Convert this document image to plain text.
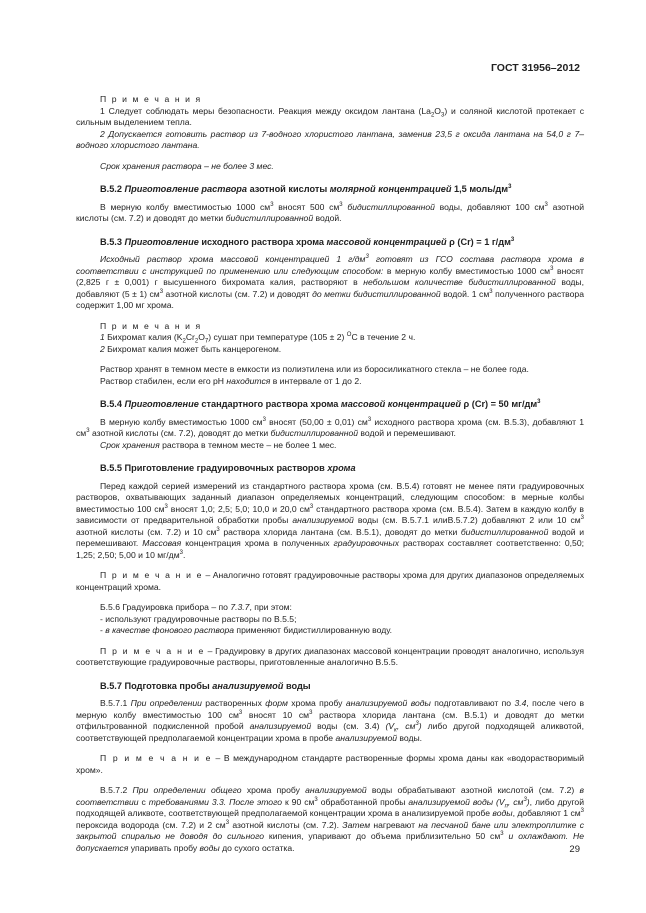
ГОСТ 31956–2012

П р и м е ч а н и я

1 Следует соблюдать меры безопасности. Реакция между оксидом лантана $(La_2O_3)$ и соляной кислотой протекает с сильным выделением тепла.

2 Допускается готовить раствор из 7-водного хлористого лантана, заменив 23,5 г оксида лантана на 54,0 г 7–водного хлористого лантана.

Срок хранения раствора – не более 3 мес.

В.5.2 Приготовление раствора азотной кислоты молярной концентрацией 1,5 моль/$дм^3$

В мерную колбу вместимостью 1000 $см^3$ вносят 500 $см^3$ бидистиллированной воды, добавляют 100 $см^3$ азотной кислоты (см. 7.2) и доводят до метки бидистиллированной водой.

В.5.3 Приготовление исходного раствора хрома массовой концентрацией ρ (Cr) = 1 $г/дм^3$

Исходный раствор хрома массовой концентрацией 1 $г/дм^3$ готовят из ГСО состава раствора хрома в соответствии с инструкцией по применению или следующим способом: в мерную колбу вместимостью 1000 $см^3$ вносят (2,825 г ± 0,001) г высушенного бихромата калия, растворяют в небольшом количестве бидистиллированной воды, добавляют (5 ± 1) $см^3$ азотной кислоты (см. 7.2) и доводят до метки бидистиллированной водой. 1 $см^3$ полученного раствора содержит 1,00 мг хрома.

П р и м е ч а н и я

1 Бихромат калия $(K_2Cr_2O_7)$ сушат при температуре (105 ± 2) $^О$С в течение 2 ч.

2 Бихромат калия может быть канцерогеном.

Раствор хранят в темном месте в емкости из полиэтилена или из боросиликатного стекла – не более года.

Раствор стабилен, если его рН находится в интервале от 1 до 2.

В.5.4 Приготовление стандартного раствора хрома массовой концентрацией ρ (Cr) = 50 $мг/дм^3$

В мерную колбу вместимостью 1000 $см^3$ вносят (50,00 ± 0,01) $см^3$ исходного раствора хрома (см. В.5.3), добавляют 1 $см^3$ азотной кислоты (см. 7.2), доводят до метки бидистиллированной водой и перемешивают.

Срок хранения раствора в темном месте – не более 1 мес.

В.5.5 Приготовление градуировочных растворов хрома

Перед каждой серией измерений из стандартного раствора хрома (см. В.5.4) готовят не менее пяти градуировочных растворов, охватывающих заданный диапазон определяемых концентраций, следующим способом: в мерные колбы вместимостью 100 $см^3$ вносят 1,0; 2,5; 5,0; 10,0 и 20,0 $см^3$ стандартного раствора хрома (см. В.5.4). Затем в каждую колбу в зависимости от предварительной обработки пробы анализируемой воды (см. В.5.7.1 илиВ.5.7.2) добавляют 2 или 10 $см^3$ азотной кислоты (см. 7.2) и 10 $см^3$ раствора хлорида лантана (см. В.5.1), доводят до метки бидистиллированной водой и перемешивают. Массовая концентрация хрома в полученных градуировочных растворах составляет соответственно: 0,50; 1,25; 2,50; 5,00 и 10 $мг/дм^3$.

П р и м е ч а н и е – Аналогично готовят градуировочные растворы хрома для других диапазонов определяемых концентраций хрома.

Б.5.6 Градуировка прибора – по 7.3.7, при этом:

- используют градуировочные растворы по В.5.5;

- в качестве фонового раствора применяют бидистиллированную воду.

П р и м е ч а н и е – Градуировку в других диапазонах массовой концентрации проводят аналогично, используя соответствующие градуировочные растворы, приготовленные аналогично В.5.5.

В.5.7 Подготовка пробы анализируемой воды

В.5.7.1 При определении растворенных форм хрома пробу анализируемой воды подготавливают по 3.4, после чего в мерную колбу вместимостью 100 $см^3$ вносят 10 $см^3$ раствора хлорида лантана (см. В.5.1) и доводят до метки отфильтрованной подкисленной пробой анализируемой воды (см. 3.4) ($V_к$, $см^3$) либо другой подходящей аликвотой, соответствующей предполагаемой концентрации хрома в пробе анализируемой воды.

П р и м е ч а н и е – В международном стандарте растворенные формы хрома даны как «водорастворимый хром».

В.5.7.2 При определении общего хрома пробу анализируемой воды обрабатывают азотной кислотой (см. 7.2) в соответствии с требованиями 3.3. После этого к 90 $см^3$ обработанной пробы анализируемой воды ($V_п$, $см^3$), либо другой подходящей аликвоте, соответствующей предполагаемой концентрации хрома в анализируемой пробе воды, добавляют 1 $см^3$ пероксида водорода (см. 7.2) и 2 $см^3$ азотной кислоты (см. 7.2). Затем нагревают на песчаной бане или электроплитке с закрытой спиралью не доводя до сильного кипения, упаривают до объема приблизительно 50 $см^3$ и охлаждают. Не допускается упаривать пробу воды до сухого остатка.	29
